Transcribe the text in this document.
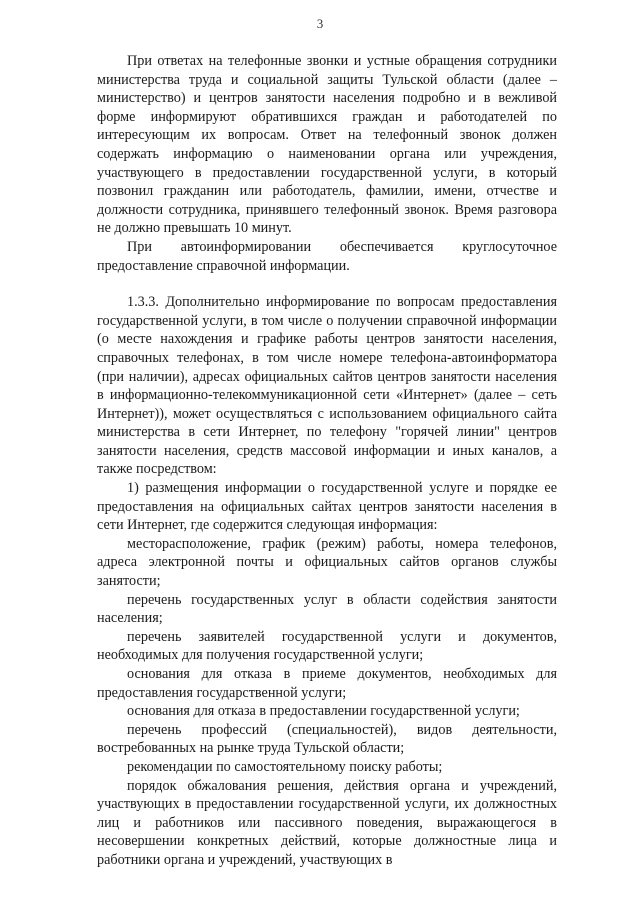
3

При ответах на телефонные звонки и устные обращения сотрудники министерства труда и социальной защиты Тульской области (далее – министерство) и центров занятости населения подробно и в вежливой форме информируют обратившихся граждан и работодателей по интересующим их вопросам. Ответ на телефонный звонок должен содержать информацию о наименовании органа или учреждения, участвующего в предоставлении государственной услуги, в который позвонил гражданин или работодатель, фамилии, имени, отчестве и должности сотрудника, принявшего телефонный звонок. Время разговора не должно превышать 10 минут.

При автоинформировании обеспечивается круглосуточное предоставление справочной информации.

1.3.3. Дополнительно информирование по вопросам предоставления государственной услуги, в том числе о получении справочной информации (о месте нахождения и графике работы центров занятости населения, справочных телефонах, в том числе номере телефона-автоинформатора (при наличии), адресах официальных сайтов центров занятости населения в информационно-телекоммуникационной сети «Интернет» (далее – сеть Интернет)), может осуществляться с использованием официального сайта министерства в сети Интернет, по телефону "горячей линии" центров занятости населения, средств массовой информации и иных каналов, а также посредством:

1) размещения информации о государственной услуге и порядке ее предоставления на официальных сайтах центров занятости населения в сети Интернет, где содержится следующая информация:

месторасположение, график (режим) работы, номера телефонов, адреса электронной почты и официальных сайтов органов службы занятости;

перечень государственных услуг в области содействия занятости населения;

перечень заявителей государственной услуги и документов, необходимых для получения государственной услуги;

основания для отказа в приеме документов, необходимых для предоставления государственной услуги;

основания для отказа в предоставлении государственной услуги;

перечень профессий (специальностей), видов деятельности, востребованных на рынке труда Тульской области;

рекомендации по самостоятельному поиску работы;

порядок обжалования решения, действия органа и учреждений, участвующих в предоставлении государственной услуги, их должностных лиц и работников или пассивного поведения, выражающегося в несовершении конкретных действий, которые должностные лица и работники органа и учреждений, участвующих в
